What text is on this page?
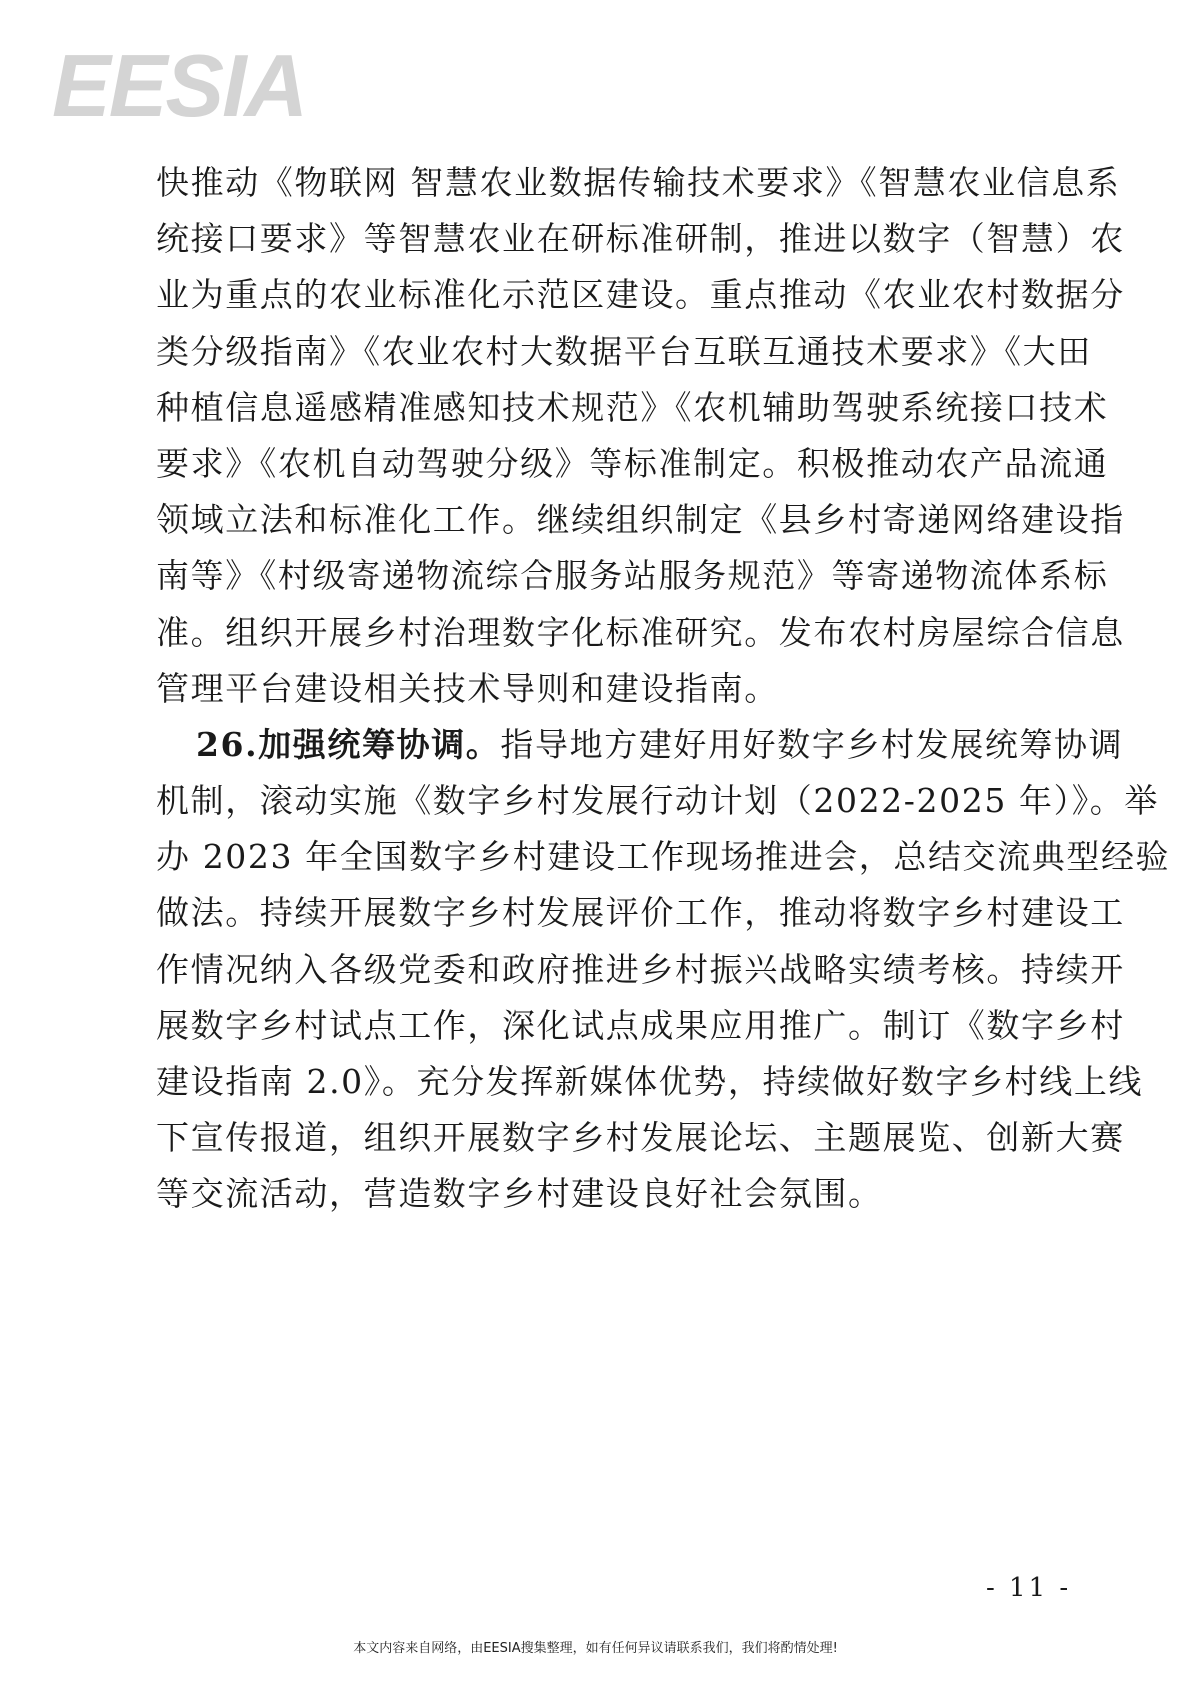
EESIA
快推动《物联网 智慧农业数据传输技术要求》《智慧农业信息系
统接口要求》等智慧农业在研标准研制，推进以数字（智慧）农
业为重点的农业标准化示范区建设。重点推动《农业农村数据分
类分级指南》《农业农村大数据平台互联互通技术要求》《大田
种植信息遥感精准感知技术规范》《农机辅助驾驶系统接口技术
要求》《农机自动驾驶分级》等标准制定。积极推动农产品流通
领域立法和标准化工作。继续组织制定《县乡村寄递网络建设指
南等》《村级寄递物流综合服务站服务规范》等寄递物流体系标
准。组织开展乡村治理数字化标准研究。发布农村房屋综合信息
管理平台建设相关技术导则和建设指南。
26.加强统筹协调。指导地方建好用好数字乡村发展统筹协调
机制，滚动实施《数字乡村发展行动计划（2022-2025 年）》。举
办 2023 年全国数字乡村建设工作现场推进会，总结交流典型经验
做法。持续开展数字乡村发展评价工作，推动将数字乡村建设工
作情况纳入各级党委和政府推进乡村振兴战略实绩考核。持续开
展数字乡村试点工作，深化试点成果应用推广。制订《数字乡村
建设指南 2.0》。充分发挥新媒体优势，持续做好数字乡村线上线
下宣传报道，组织开展数字乡村发展论坛、主题展览、创新大赛
等交流活动，营造数字乡村建设良好社会氛围。
- 11 -
本文内容来自网络，由EESIA搜集整理，如有任何异议请联系我们，我们将酌情处理!
